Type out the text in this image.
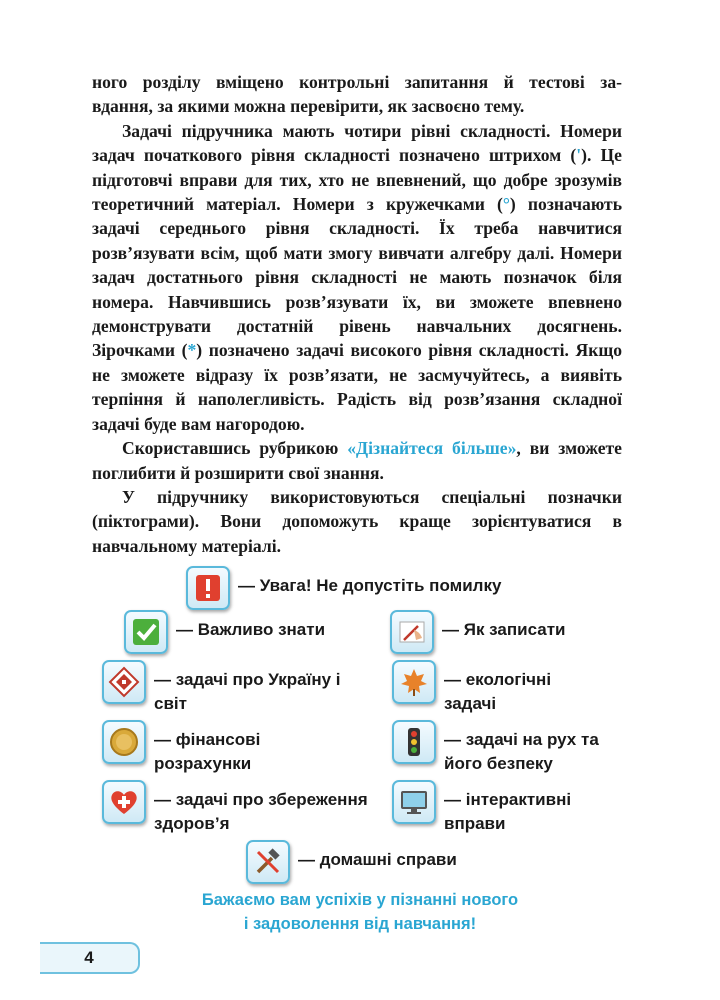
ного розділу вміщено контрольні запитання й тестові за-

вдання, за якими можна перевірити, як засвоєно тему.

Задачі підручника мають чотири рівні складності. Номери задач початкового рівня складності позначено штрихом ('). Це підготовчі вправи для тих, хто не впевнений, що добре зрозумів теоретичний матеріал. Номери з кружечками (°) позначають задачі середнього рівня складності. Їх треба навчитися розв’язувати всім, щоб мати змогу вивчати алгебру далі. Номери задач достатнього рівня складності не мають позначок біля номера. Навчившись розв’язувати їх, ви зможете впевнено демонструвати достатній рівень навчальних досягнень. Зірочками (*) позначено задачі високого рівня складності. Якщо не зможете відразу їх розв’язати, не засмучуйтесь, а виявіть терпіння й наполегливість. Радість від розв’язання складної задачі буде вам нагородою.

Скориставшись рубрикою «Дізнайтеся більше», ви зможете поглибити й розширити свої знання.

У підручнику використовуються спеціальні позначки (піктограми). Вони допоможуть краще зорієнтуватися в навчальному матеріалі.

— Увага! Не допустіть помилку
— Важливо знати	— Як записати
— задачі про Україну і світ
— екологічні задачі
— фінансові розрахунки
— задачі на рух та його безпеку
— задачі про збереження здоров’я
— інтерактивні вправи
— домашні справи
Бажаємо вам успіхів у пізнанні нового
і задоволення від навчання!
4
